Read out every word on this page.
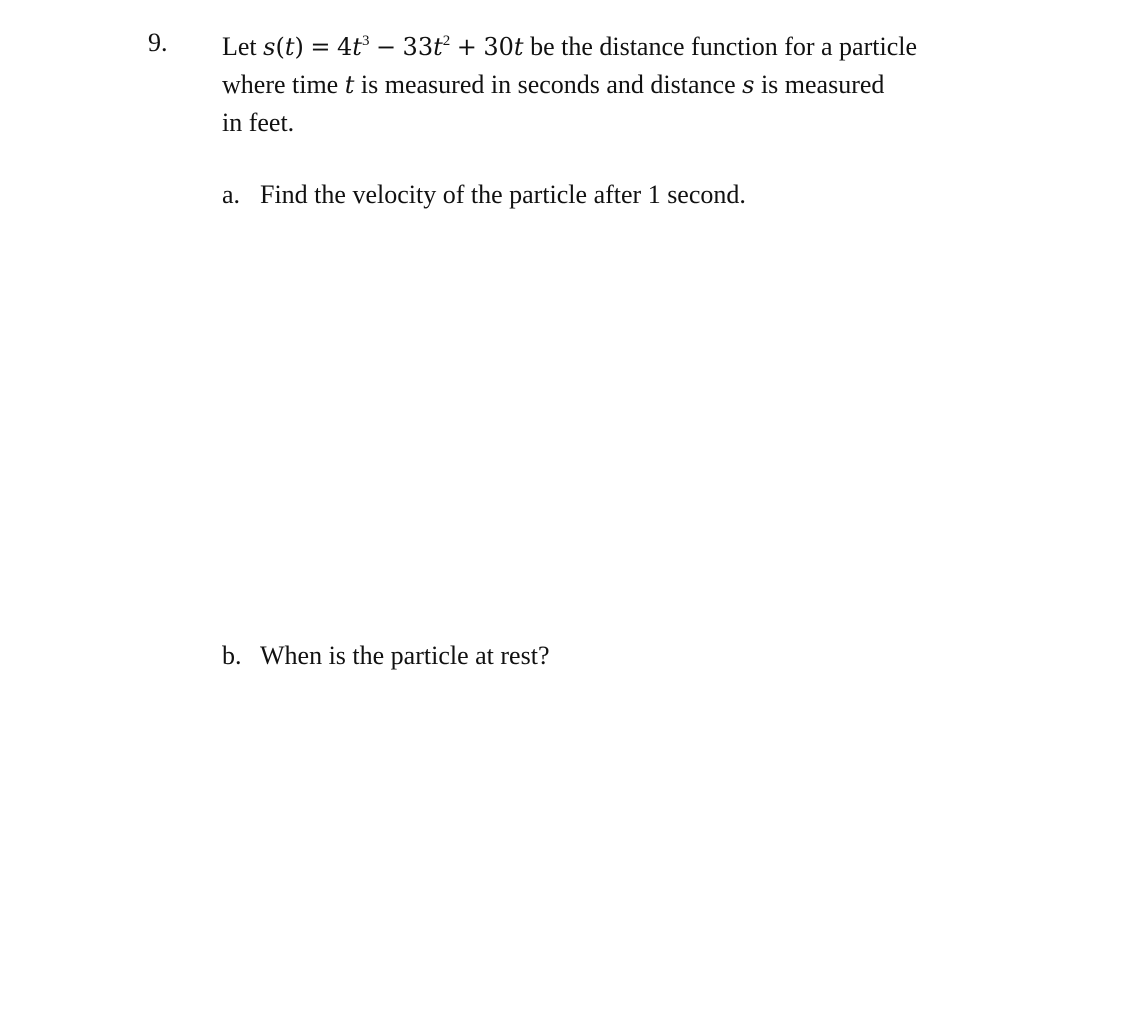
9. Let $s(t) = 4t^3 - 33t^2 + 30t$ be the distance function for a particle

where time t is measured in seconds and distance s is measured

in feet.

a. Find the velocity of the particle after 1 second.
b. When is the particle at rest?
